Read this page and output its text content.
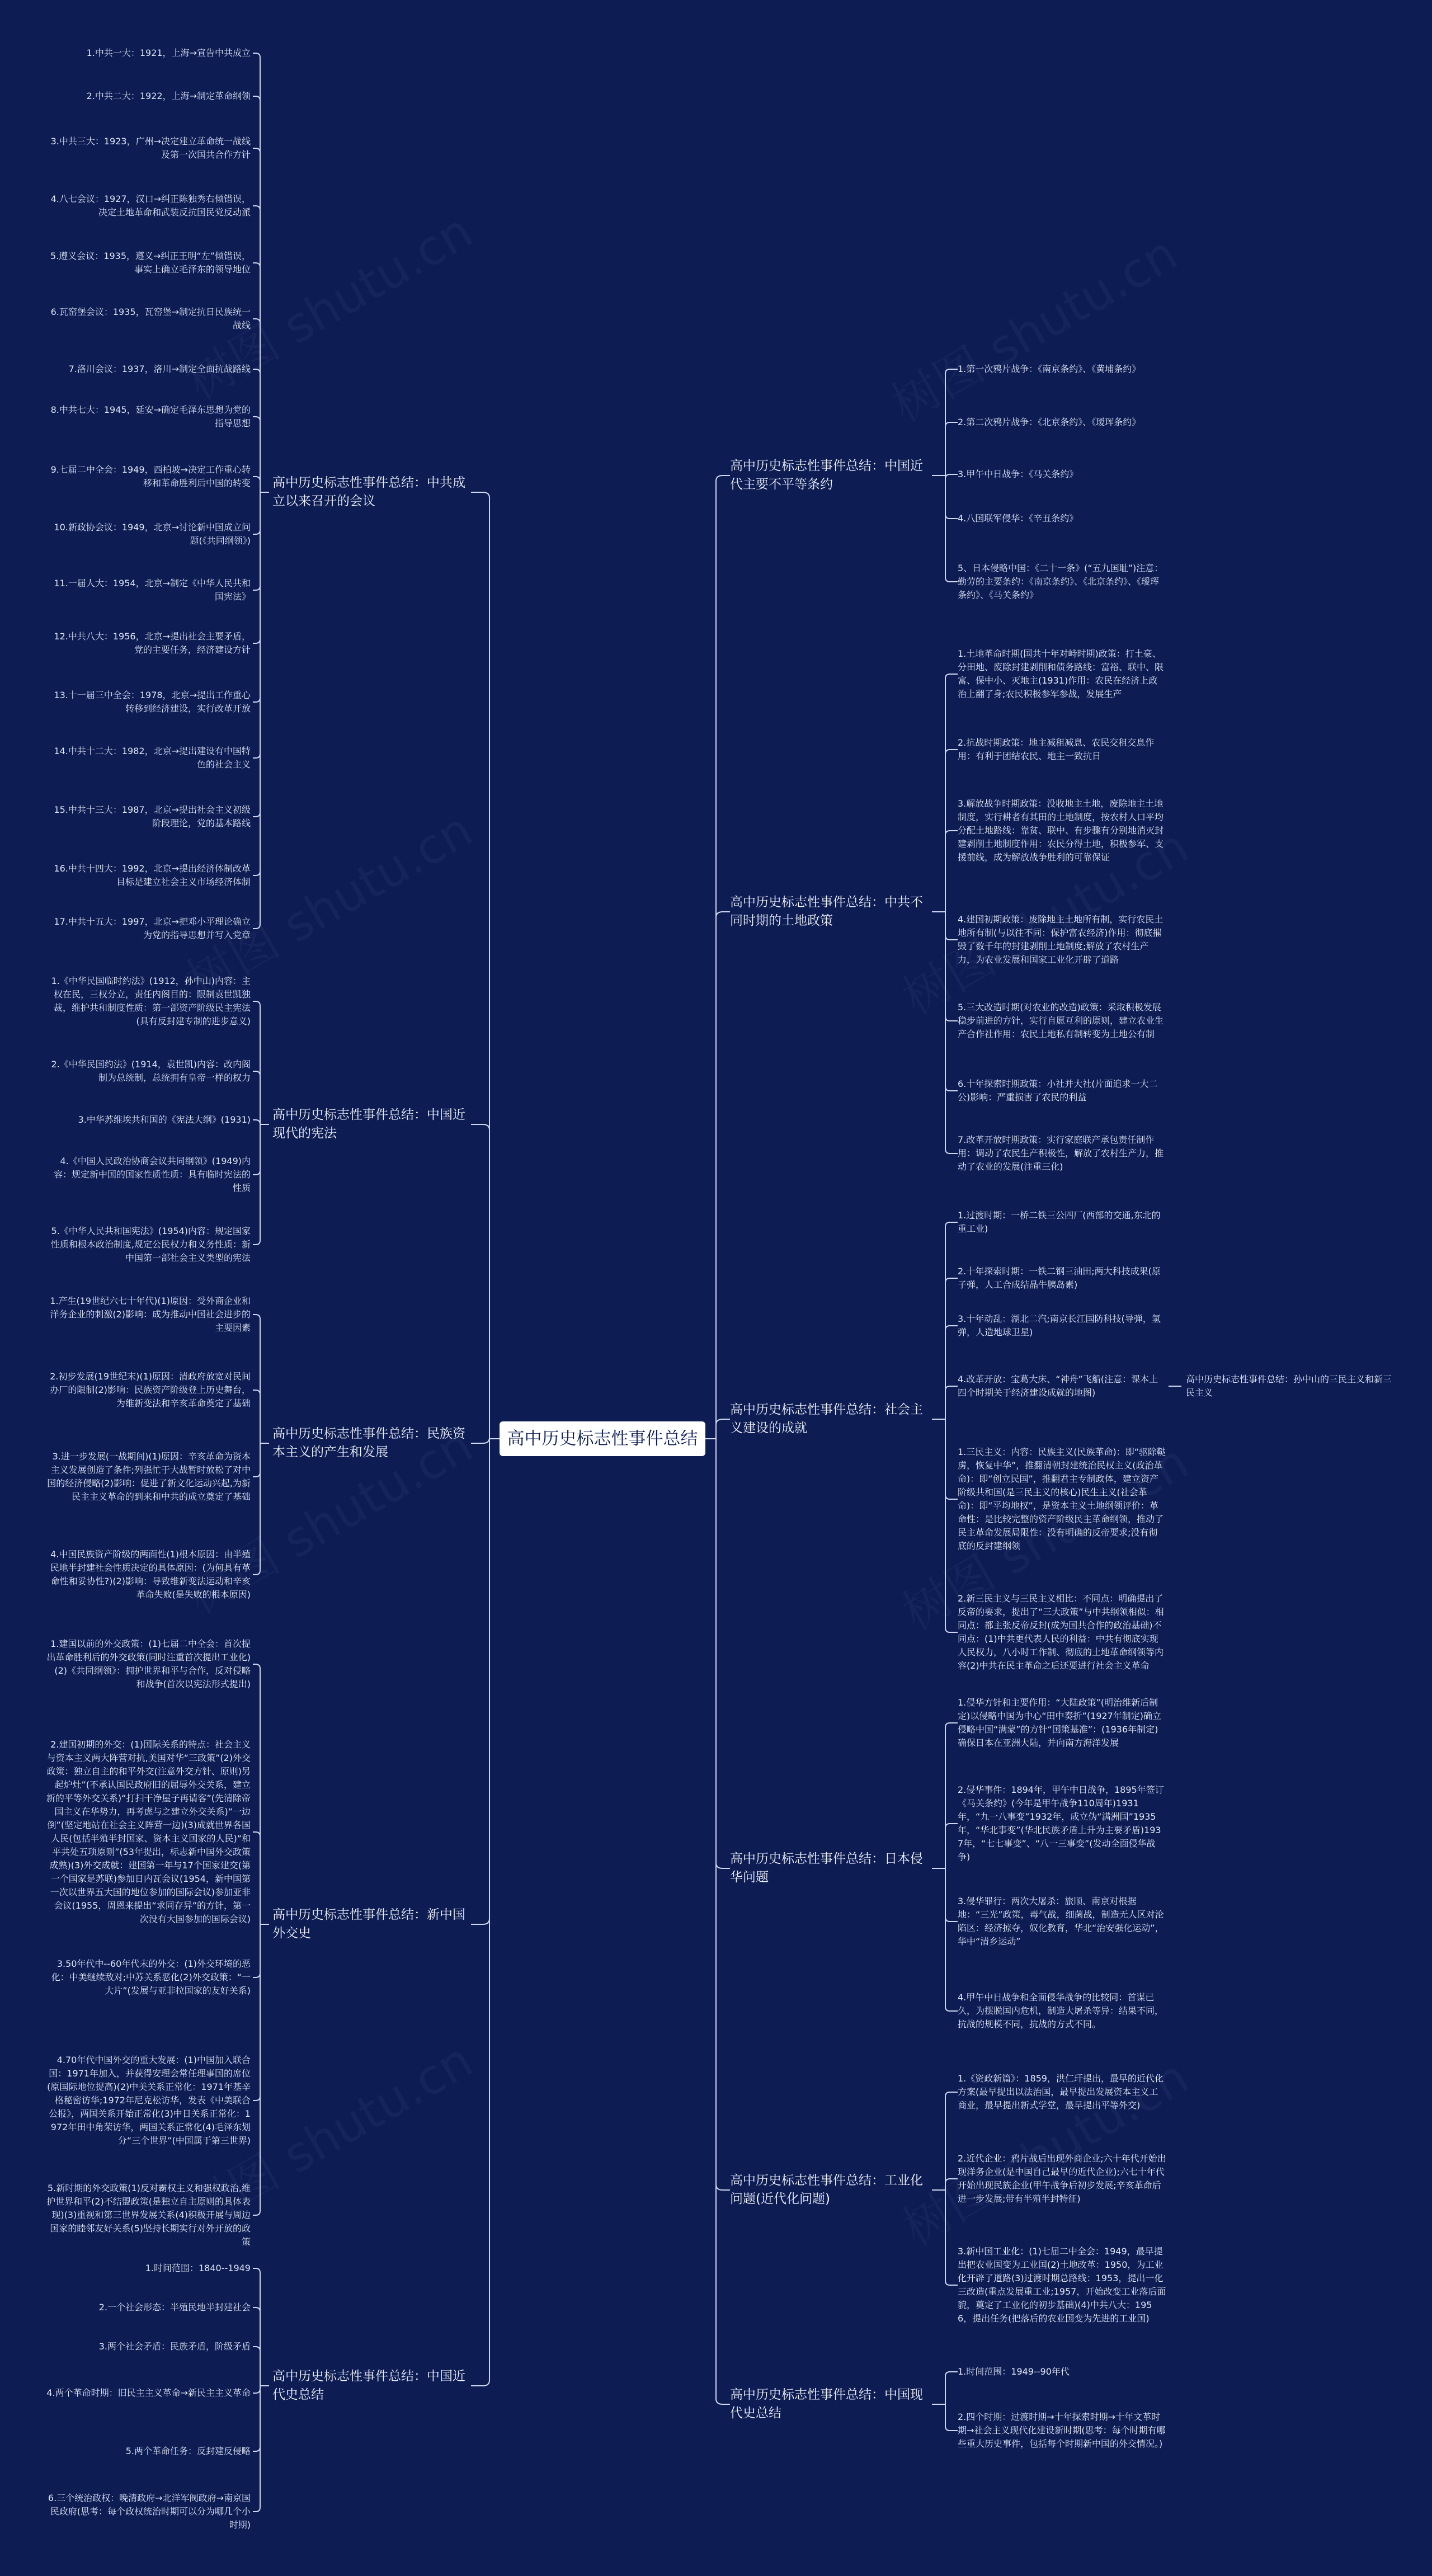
高中历史标志性事件总结
高中历史标志性事件总结：中共成立以来召开的会议
1.中共一大：1921，上海→宣告中共成立
2.中共二大：1922，上海→制定革命纲领
3.中共三大：1923，广州→决定建立革命统一战线及第一次国共合作方针
4.八七会议：1927，汉口→纠正陈独秀右倾错误，决定土地革命和武装反抗国民党反动派
5.遵义会议：1935，遵义→纠正王明“左”倾错误，事实上确立毛泽东的领导地位
6.瓦窑堡会议：1935，瓦窑堡→制定抗日民族统一战线
7.洛川会议：1937，洛川→制定全面抗战路线
8.中共七大：1945，延安→确定毛泽东思想为党的指导思想
9.七届二中全会：1949，西柏坡→决定工作重心转移和革命胜利后中国的转变
10.新政协会议：1949，北京→讨论新中国成立问题(《共同纲领》)
11.一届人大：1954，北京→制定《中华人民共和国宪法》
12.中共八大：1956，北京→提出社会主要矛盾，党的主要任务，经济建设方针
13.十一届三中全会：1978，北京→提出工作重心转移到经济建设，实行改革开放
14.中共十二大：1982，北京→提出建设有中国特色的社会主义
15.中共十三大：1987，北京→提出社会主义初级阶段理论，党的基本路线
16.中共十四大：1992，北京→提出经济体制改革目标是建立社会主义市场经济体制
17.中共十五大：1997，北京→把邓小平理论确立为党的指导思想并写入党章
高中历史标志性事件总结：中国近现代的宪法
1.《中华民国临时约法》(1912，孙中山)内容：主权在民，三权分立，责任内阁目的：限制袁世凯独裁，维护共和制度性质：第一部资产阶级民主宪法(具有反封建专制的进步意义)
2.《中华民国约法》(1914，袁世凯)内容：改内阁制为总统制，总统拥有皇帝一样的权力
3.中华苏维埃共和国的《宪法大纲》(1931)
4.《中国人民政治协商会议共同纲领》(1949)内容：规定新中国的国家性质性质：具有临时宪法的性质
5.《中华人民共和国宪法》(1954)内容：规定国家性质和根本政治制度,规定公民权力和义务性质：新中国第一部社会主义类型的宪法
高中历史标志性事件总结：民族资本主义的产生和发展
1.产生(19世纪六七十年代)(1)原因：受外商企业和洋务企业的刺激(2)影响：成为推动中国社会进步的主要因素
2.初步发展(19世纪末)(1)原因：清政府放宽对民间办厂的限制(2)影响：民族资产阶级登上历史舞台，为维新变法和辛亥革命奠定了基础
3.进一步发展(一战期间)(1)原因：辛亥革命为资本主义发展创造了条件;列强忙于大战暂时放松了对中国的经济侵略(2)影响：促进了新文化运动兴起,为新民主主义革命的到来和中共的成立奠定了基础
4.中国民族资产阶级的两面性(1)根本原因：由半殖民地半封建社会性质决定的具体原因：(为何具有革命性和妥协性?)(2)影响：导致维新变法运动和辛亥革命失败(是失败的根本原因)
高中历史标志性事件总结：新中国外交史
1.建国以前的外交政策：(1)七届二中全会：首次提出革命胜利后的外交政策(同时注重首次提出工业化)(2)《共同纲领》：拥护世界和平与合作，反对侵略和战争(首次以宪法形式提出)
2.建国初期的外交：(1)国际关系的特点：社会主义与资本主义两大阵营对抗,美国对华“三政策”(2)外交政策：独立自主的和平外交(注意外交方针、原则)另起炉灶”(不承认国民政府旧的屈辱外交关系，建立新的平等外交关系)“打扫干净屋子再请客”(先清除帝国主义在华势力，再考虑与之建立外交关系)“一边倒”(坚定地站在社会主义阵营一边)(3)成就世界各国人民(包括半殖半封国家、资本主义国家的人民)“和平共处五项原则”(53年提出，标志新中国外交政策成熟)(3)外交成就：建国第一年与17个国家建交(第一个国家是苏联)参加日内瓦会议(1954，新中国第一次以世界五大国的地位参加的国际会议)参加亚非会议(1955，周恩来提出“求同存异”的方针，第一次没有大国参加的国际会议)
3.50年代中--60年代末的外交：(1)外交环境的恶化：中美继续敌对;中苏关系恶化(2)外交政策：“一大片”(发展与亚非拉国家的友好关系)
4.70年代中国外交的重大发展：(1)中国加入联合国：1971年加入，并获得安理会常任理事国的席位(原国际地位提高)(2)中美关系正常化：1971年基辛格秘密访华;1972年尼克松访华，发表《中美联合公报》，两国关系开始正常化(3)中日关系正常化：1972年田中角荣访华，两国关系正常化(4)毛泽东划分“三个世界”(中国属于第三世界)
5.新时期的外交政策(1)反对霸权主义和强权政治,维护世界和平(2)不结盟政策(是独立自主原则的具体表现)(3)重视和第三世界发展关系(4)积极开展与周边国家的睦邻友好关系(5)坚持长期实行对外开放的政策
高中历史标志性事件总结：中国近代史总结
1.时间范围：1840--1949
2.一个社会形态：半殖民地半封建社会
3.两个社会矛盾：民族矛盾，阶级矛盾
4.两个革命时期：旧民主主义革命→新民主主义革命
5.两个革命任务：反封建反侵略
6.三个统治政权：晚清政府→北洋军阀政府→南京国民政府(思考：每个政权统治时期可以分为哪几个小时期)
高中历史标志性事件总结：中国近代主要不平等条约
1.第一次鸦片战争：《南京条约》、《黄埔条约》
2.第二次鸦片战争：《北京条约》、《瑷珲条约》
3.甲午中日战争：《马关条约》
4.八国联军侵华：《辛丑条约》
5、日本侵略中国：《二十一条》(“五九国耻”)注意：勤劳的主要条约：《南京条约》、《北京条约》、《瑷珲条约》、《马关条约》
高中历史标志性事件总结：中共不同时期的土地政策
1.土地革命时期(国共十年对峙时期)政策：打土豪、分田地、废除封建剥削和债务路线：富裕、联中、限富、保中小、灭地主(1931)作用：农民在经济上政治上翻了身;农民积极参军参战，发展生产
2.抗战时期政策：地主减租减息、农民交租交息作用：有利于团结农民、地主一致抗日
3.解放战争时期政策：没收地主土地，废除地主土地制度，实行耕者有其田的土地制度，按农村人口平均分配土地路线：靠贫、联中、有步骤有分别地消灭封建剥削土地制度作用：农民分得土地，积极参军、支援前线，成为解放战争胜利的可靠保证
4.建国初期政策：废除地主土地所有制，实行农民土地所有制(与以往不同：保护富农经济)作用：彻底摧毁了数千年的封建剥削土地制度;解放了农村生产力，为农业发展和国家工业化开辟了道路
5.三大改造时期(对农业的改造)政策：采取积极发展稳步前进的方针，实行自愿互利的原则，建立农业生产合作社作用：农民土地私有制转变为土地公有制
6.十年探索时期政策：小社并大社(片面追求一大二公)影响：严重损害了农民的利益
7.改革开放时期政策：实行家庭联产承包责任制作用：调动了农民生产积极性，解放了农村生产力，推动了农业的发展(注重三化)
高中历史标志性事件总结：社会主义建设的成就
1.过渡时期：一桥二铁三公四厂(西部的交通,东北的重工业)
2.十年探索时期：一铁二钢三油田;两大科技成果(原子弹，人工合成结晶牛胰岛素)
3.十年动乱：湖北二汽;南京长江国防科技(导弹，氢弹，人造地球卫星)
4.改革开放：宝葛大床、“神舟”飞船(注意：课本上四个时期关于经济建设成就的地图)
1.三民主义：内容：民族主义(民族革命)：即“驱除鞑虏，恢复中华”，推翻清朝封建统治民权主义(政治革命)：即“创立民国”，推翻君主专制政体，建立资产阶级共和国(是三民主义的核心)民生主义(社会革命)：即“平均地权”，是资本主义土地纲领评价：革命性：是比较完整的资产阶级民主革命纲领，推动了民主革命发展局限性：没有明确的反帝要求;没有彻底的反封建纲领
2.新三民主义与三民主义相比：不同点：明确提出了反帝的要求，提出了“三大政策”与中共纲领相似：相同点：都主张反帝反封(成为国共合作的政治基础)不同点：(1)中共更代表人民的利益：中共有彻底实现人民权力，八小时工作制、彻底的土地革命纲领等内容(2)中共在民主革命之后还要进行社会主义革命
高中历史标志性事件总结：孙中山的三民主义和新三民主义
高中历史标志性事件总结：日本侵华问题
1.侵华方针和主要作用：“大陆政策”(明治维新后制定)以侵略中国为中心“田中奏折”(1927年制定)确立侵略中国“满蒙”的方针“国策基准”：(1936年制定)确保日本在亚洲大陆，并向南方海洋发展
2.侵华事件：1894年，甲午中日战争，1895年签订《马关条约》(今年是甲午战争110周年)1931年，“九一八事变”1932年，成立伪“满洲国”1935年，“华北事变”(华北民族矛盾上升为主要矛盾)1937年，“七七事变”、“八一三事变”(发动全面侵华战争)
3.侵华罪行：两次大屠杀：旅顺、南京对根据地：“三光”政策，毒气战，细菌战，制造无人区对沦陷区：经济掠夺，奴化教育，华北“治安强化运动”，华中“清乡运动”
4.甲午中日战争和全面侵华战争的比较同：首谋已久，为摆脱国内危机，制造大屠杀等异：结果不同，抗战的规模不同，抗战的方式不同。
高中历史标志性事件总结：工业化问题(近代化问题)
1.《资政新篇》：1859，洪仁玕提出，最早的近代化方案(最早提出以法治国，最早提出发展资本主义工商业，最早提出新式学堂，最早提出平等外交)
2.近代企业：鸦片战后出现外商企业;六十年代开始出现洋务企业(是中国自己最早的近代企业);六七十年代开始出现民族企业(甲午战争后初步发展;辛亥革命后进一步发展;带有半殖半封特征)
3.新中国工业化：(1)七届二中全会：1949，最早提出把农业国变为工业国(2)土地改革：1950，为工业化开辟了道路(3)过渡时期总路线：1953，提出一化三改造(重点发展重工业;1957，开始改变工业落后面貌，奠定了工业化的初步基础)(4)中共八大：1956，提出任务(把落后的农业国变为先进的工业国)
高中历史标志性事件总结：中国现代史总结
1.时间范围：1949--90年代
2.四个时期：过渡时期→十年探索时期→十年文革时期→社会主义现代化建设新时期(思考：每个时期有哪些重大历史事件，包括每个时期新中国的外交情况。)
